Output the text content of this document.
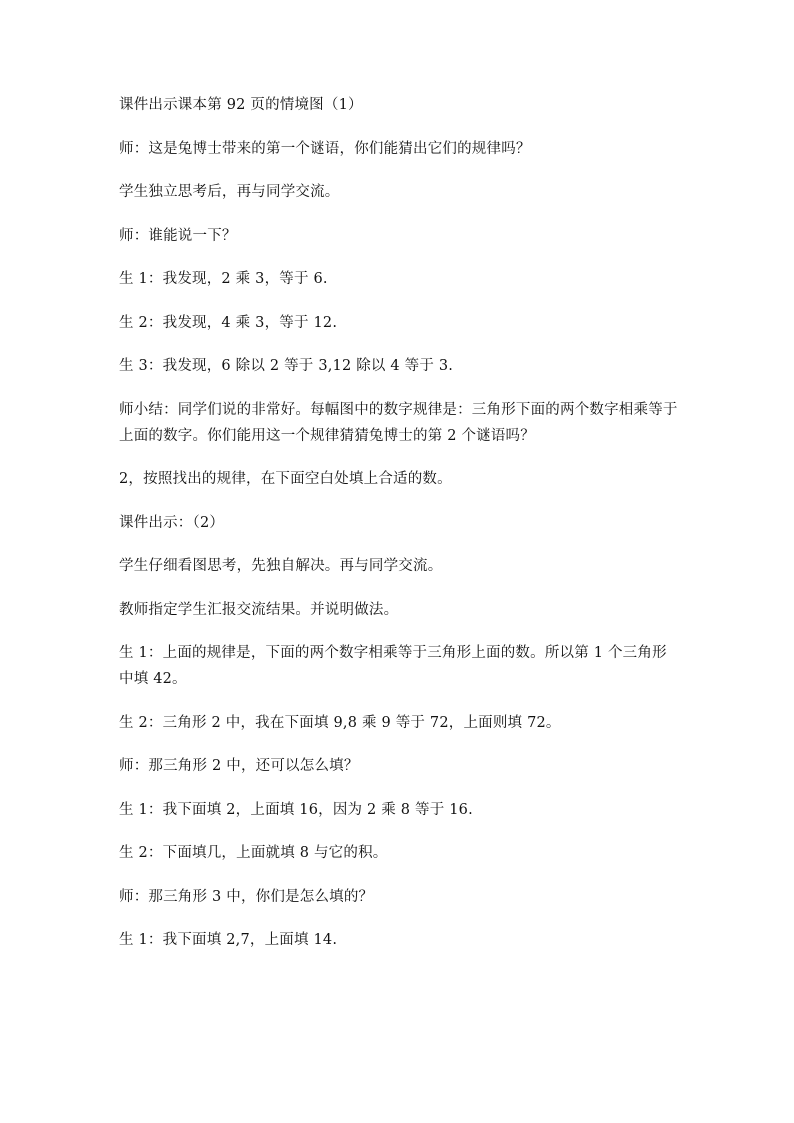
课件出示课本第 92 页的情境图（1）

师：这是兔博士带来的第一个谜语，你们能猜出它们的规律吗？

学生独立思考后，再与同学交流。

师：谁能说一下？

生 1：我发现，2 乘 3，等于 6.

生 2：我发现，4 乘 3，等于 12.

生 3：我发现，6 除以 2 等于 3,12 除以 4 等于 3.

师小结：同学们说的非常好。每幅图中的数字规律是：三角形下面的两个数字相乘等于上面的数字。你们能用这一个规律猜猜兔博士的第 2 个谜语吗？

2，按照找出的规律，在下面空白处填上合适的数。

课件出示：（2）

学生仔细看图思考，先独自解决。再与同学交流。

教师指定学生汇报交流结果。并说明做法。

生 1：上面的规律是，下面的两个数字相乘等于三角形上面的数。所以第 1 个三角形中填 42。

生 2：三角形 2 中，我在下面填 9,8 乘 9 等于 72，上面则填 72。

师：那三角形 2 中，还可以怎么填？

生 1：我下面填 2，上面填 16，因为 2 乘 8 等于 16.

生 2：下面填几，上面就填 8 与它的积。

师：那三角形 3 中，你们是怎么填的？

生 1：我下面填 2,7，上面填 14.
